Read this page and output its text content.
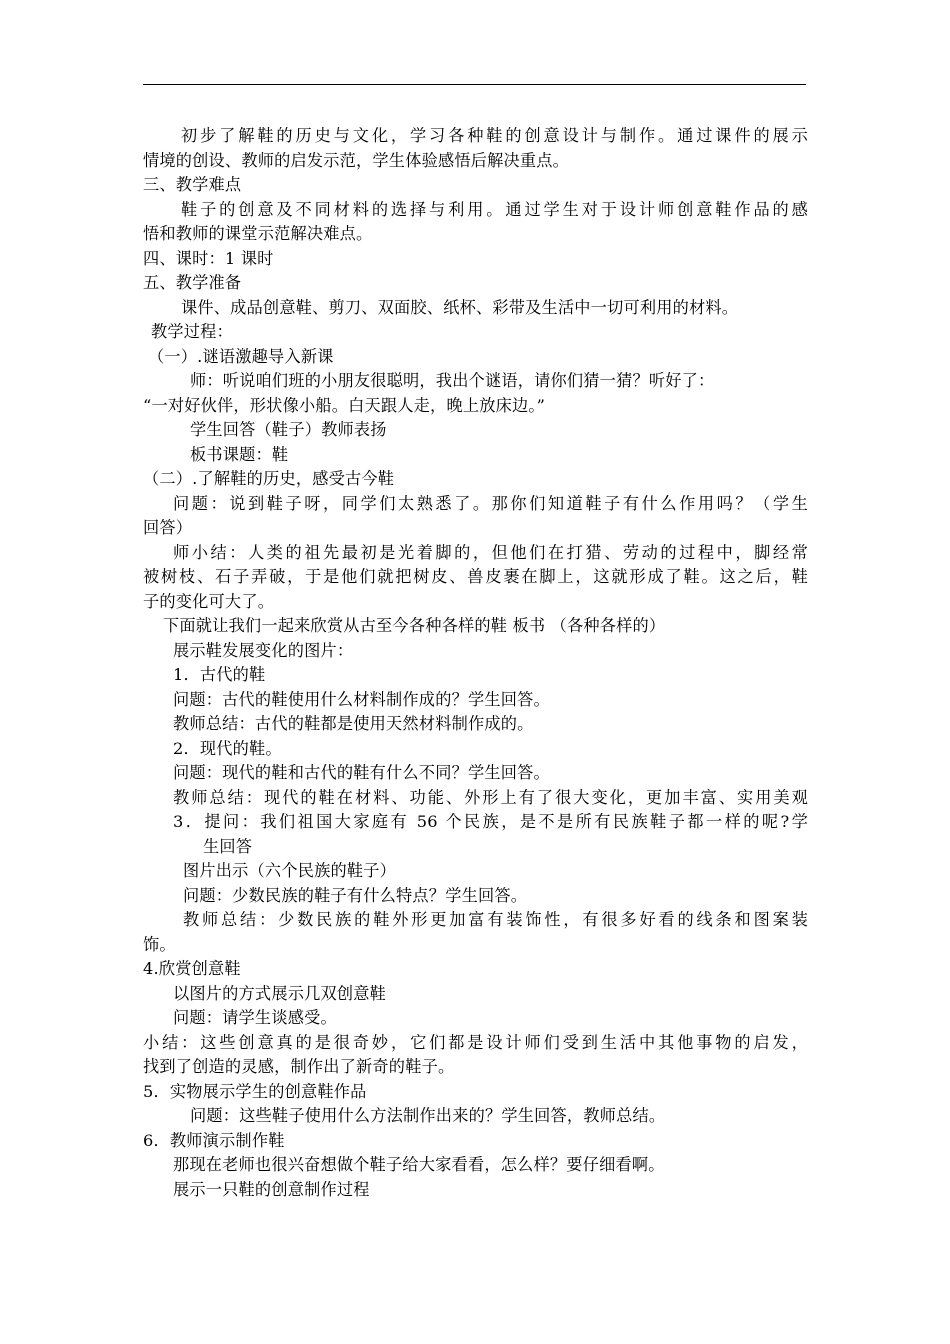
初步了解鞋的历史与文化，学习各种鞋的创意设计与制作。通过课件的展示
情境的创设、教师的启发示范，学生体验感悟后解决重点。
三、教学难点
鞋子的创意及不同材料的选择与利用。通过学生对于设计师创意鞋作品的感
悟和教师的课堂示范解决难点。
四、课时：1 课时
五、教学准备
课件、成品创意鞋、剪刀、双面胶、纸杯、彩带及生活中一切可利用的材料。
教学过程：
（一）.谜语激趣导入新课
师：听说咱们班的小朋友很聪明，我出个谜语，请你们猜一猜？听好了：
“一对好伙伴，形状像小船。白天跟人走，晚上放床边。”
学生回答（鞋子）教师表扬
板书课题：鞋
（二）.了解鞋的历史，感受古今鞋
问题：说到鞋子呀，同学们太熟悉了。那你们知道鞋子有什么作用吗？（学生
回答）
师小结：人类的祖先最初是光着脚的，但他们在打猎、劳动的过程中，脚经常
被树枝、石子弄破，于是他们就把树皮、兽皮裹在脚上，这就形成了鞋。这之后，鞋
子的变化可大了。
下面就让我们一起来欣赏从古至今各种各样的鞋 板书 （各种各样的）
展示鞋发展变化的图片：
1．古代的鞋
问题：古代的鞋使用什么材料制作成的？学生回答。
教师总结：古代的鞋都是使用天然材料制作成的。
2．现代的鞋。
问题：现代的鞋和古代的鞋有什么不同？学生回答。
教师总结：现代的鞋在材料、功能、外形上有了很大变化，更加丰富、实用美观
3．提问：我们祖国大家庭有 56 个民族，是不是所有民族鞋子都一样的呢?学
生回答
图片出示（六个民族的鞋子）
问题：少数民族的鞋子有什么特点？学生回答。
教师总结：少数民族的鞋外形更加富有装饰性，有很多好看的线条和图案装
饰。
4.欣赏创意鞋
以图片的方式展示几双创意鞋
问题：请学生谈感受。
小结：这些创意真的是很奇妙，它们都是设计师们受到生活中其他事物的启发，
找到了创造的灵感，制作出了新奇的鞋子。
5．实物展示学生的创意鞋作品
问题：这些鞋子使用什么方法制作出来的？学生回答，教师总结。
6．教师演示制作鞋
那现在老师也很兴奋想做个鞋子给大家看看，怎么样？要仔细看啊。
展示一只鞋的创意制作过程
